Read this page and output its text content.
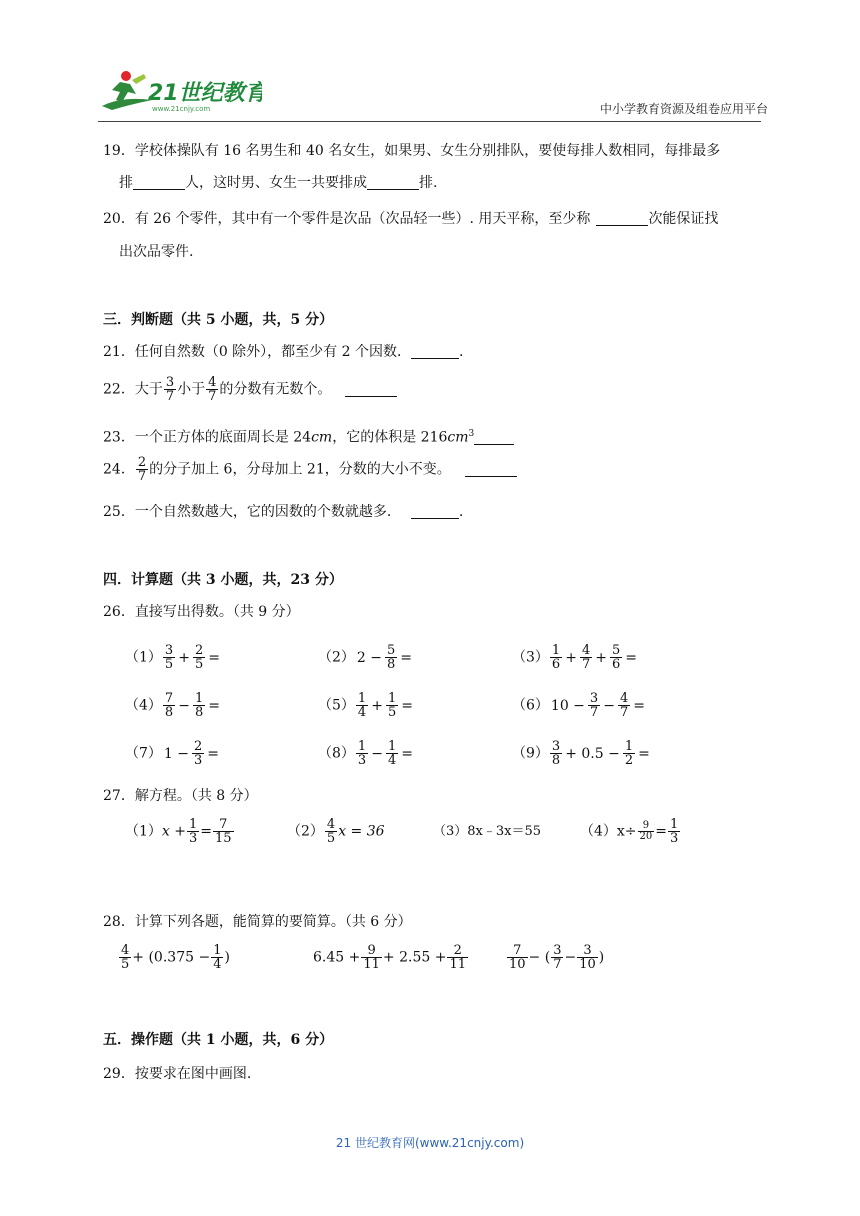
21世纪教育
www.21cnjy.com	中小学教育资源及组卷应用平台
19．学校体操队有 16 名男生和 40 名女生，如果男、女生分别排队，要使每排人数相同，每排最多
排	人，这时男、女生一共要排成	排.
20．有 26 个零件，其中有一个零件是次品（次品轻一些）. 用天平称，至少称	次能保证找
出次品零件.
三．判断题（共 5 小题，共，5 分）
21．任何自然数（0 除外），都至少有 2 个因数．	.
22．大于 $\frac{3}{7}$ 小于 $\frac{4}{7}$ 的分数有无数个。
23．一个正方体的底面周长是 24cm，它的体积是 $216cm^3$
24． $\frac{2}{7}$ 的分子加上 6，分母加上 21，分数的大小不变。
25．一个自然数越大，它的因数的个数就越多．	.
四．计算题（共 3 小题，共，23 分）
26．直接写出得数。（共 9 分）
$(1) \frac{3}{5} + \frac{2}{5}$ =	（2） $2 - \frac{5}{8}$ =	$(3) \frac{1}{6} + \frac{4}{7} + \frac{5}{6}$ =
$(4) \frac{7}{8} - \frac{1}{8}$ =	$(5) \frac{1}{4} + \frac{1}{5}$ =	（6） $10 - \frac{3}{7} - \frac{4}{7}$ =
（7） $1 - \frac{2}{3}$ =	$(8) \frac{1}{3} - \frac{1}{4}$ =	$(9) \frac{3}{8} + 0.5 - \frac{1}{2}$ =
27．解方程。（共 8 分）
$(1)x + \frac{1}{3} = \frac{7}{15}$	$(2) \frac{4}{5}$ x = 36	（3）8x﹣3x＝55	$(4)x\div \frac{9}{20} = \frac{1}{3}$
28．计算下列各题，能简算的要简算。（共 6 分）
$\frac{4}{5} + (0.375 - \frac{1}{4}$ )	$6.45 + \frac{9}{11} + 2.55 + \frac{2}{11}$	$\frac{7}{10}$ − ( $\frac{3}{7} - \frac{3}{10}$ )
五．操作题（共 1 小题，共，6 分）
29．按要求在图中画图.
21 世纪教育网(www.21cnjy.com)
